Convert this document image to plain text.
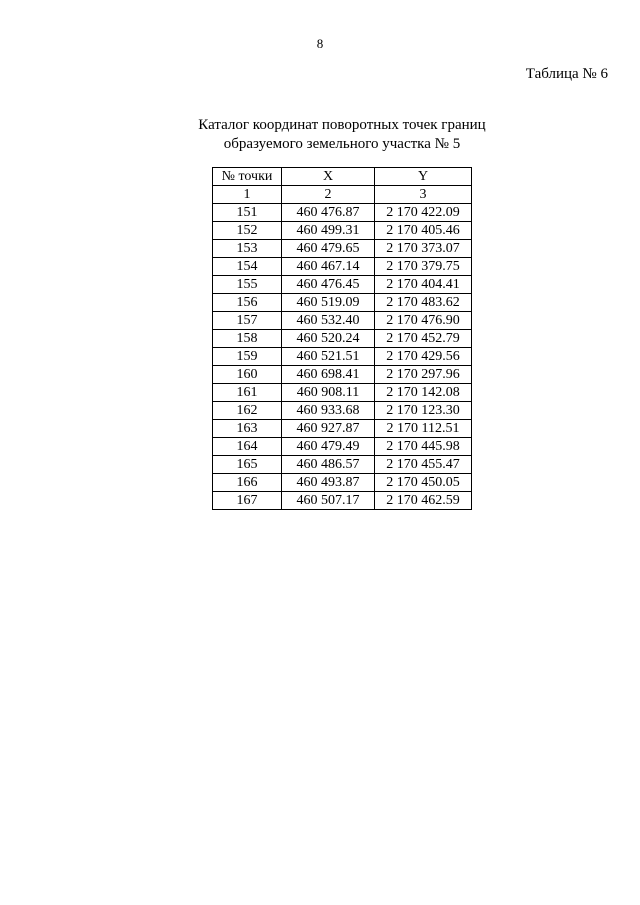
8
Таблица № 6
Каталог координат поворотных точек границ
образуемого земельного участка № 5
№ точки	X	Y
1	2	3
151	460 476.87	2 170 422.09
152	460 499.31	2 170 405.46
153	460 479.65	2 170 373.07
154	460 467.14	2 170 379.75
155	460 476.45	2 170 404.41
156	460 519.09	2 170 483.62
157	460 532.40	2 170 476.90
158	460 520.24	2 170 452.79
159	460 521.51	2 170 429.56
160	460 698.41	2 170 297.96
161	460 908.11	2 170 142.08
162	460 933.68	2 170 123.30
163	460 927.87	2 170 112.51
164	460 479.49	2 170 445.98
165	460 486.57	2 170 455.47
166	460 493.87	2 170 450.05
167	460 507.17	2 170 462.59
